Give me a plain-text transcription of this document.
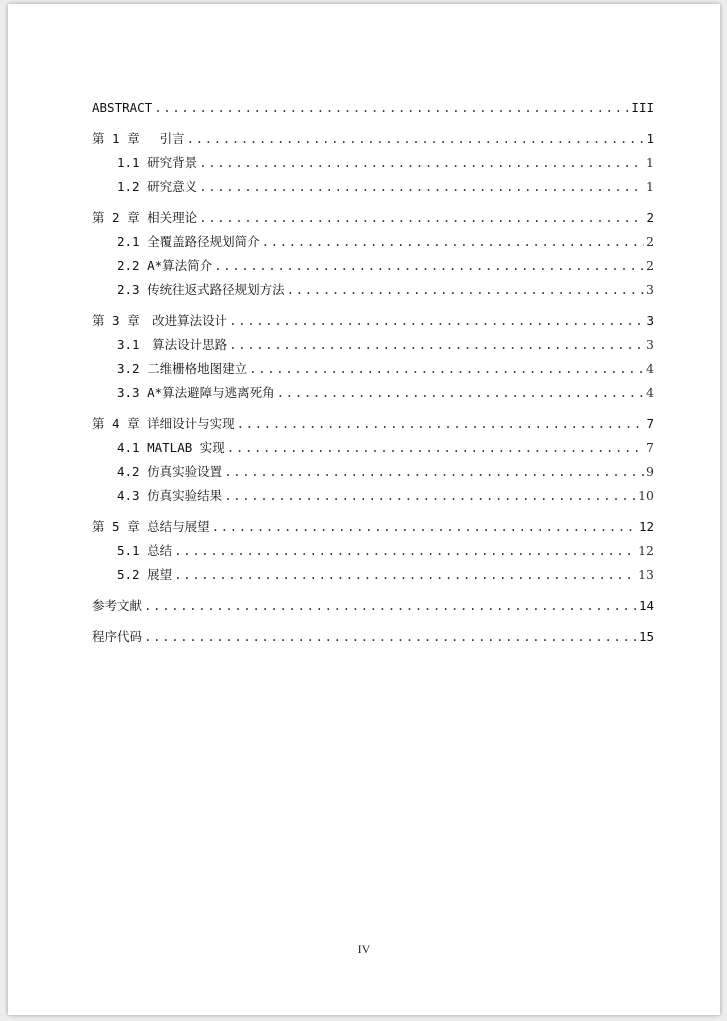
ABSTRACT .....	III
第 1 章　 引言 .....	1
1.1 研究背景 .....	1
1.2 研究意义 .....	1
第 2 章 相关理论 .....	2
2.1 全覆盖路径规划简介 .....	2
2.2 A*算法简介 .....	2
2.3 传统往返式路径规划方法 .....	3
第 3 章　改进算法设计 .....	3
3.1　算法设计思路 .....	3
3.2 二维栅格地图建立 .....	4
3.3 A*算法避障与逃离死角 .....	4
第 4 章 详细设计与实现 .....	7
4.1 MATLAB 实现 .....	7
4.2 仿真实验设置 .....	9
4.3 仿真实验结果 .....	10
第 5 章 总结与展望 .....	12
5.1 总结 .....	12
5.2 展望 .....	13
参考文献 .....	14
程序代码 .....	15
IV
